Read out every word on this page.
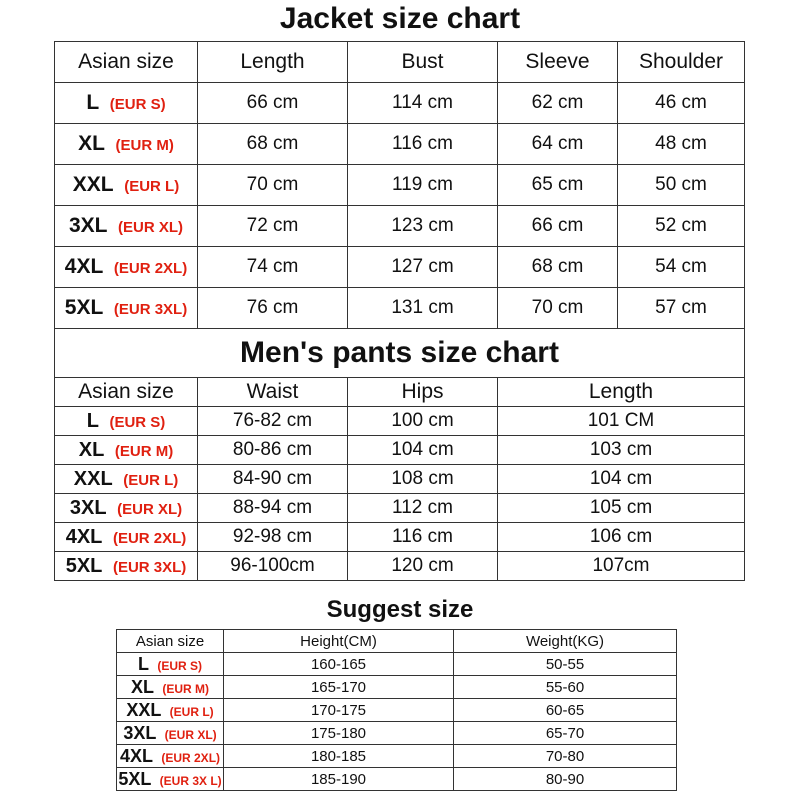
Jacket size chart
Asian size	Length	Bust	Sleeve	Shoulder
L (EUR S)	66 cm	114 cm	62 cm	46 cm
XL (EUR M)	68 cm	116 cm	64 cm	48 cm
XXL (EUR L)	70 cm	119 cm	65 cm	50 cm
3XL (EUR XL)	72 cm	123 cm	66 cm	52 cm
4XL (EUR 2XL)	74 cm	127 cm	68 cm	54 cm
5XL (EUR 3XL)	76 cm	131 cm	70 cm	57 cm
Men's pants size chart				
Asian size	Waist	Hips	Length	
L (EUR S)	76-82 cm	100 cm	101 CM	
XL (EUR M)	80-86 cm	104 cm	103 cm	
XXL (EUR L)	84-90 cm	108 cm	104 cm	
3XL (EUR XL)	88-94 cm	112 cm	105 cm	
4XL (EUR 2XL)	92-98 cm	116 cm	106 cm	
5XL (EUR 3XL)	96-100cm	120 cm	107cm	
Suggest size
Asian size	Height(CM)	Weight(KG)
L (EUR S)	160-165	50-55
XL (EUR M)	165-170	55-60
XXL (EUR L)	170-175	60-65
3XL (EUR XL)	175-180	65-70
4XL (EUR 2XL)	180-185	70-80
5XL (EUR 3X L)	185-190	80-90
